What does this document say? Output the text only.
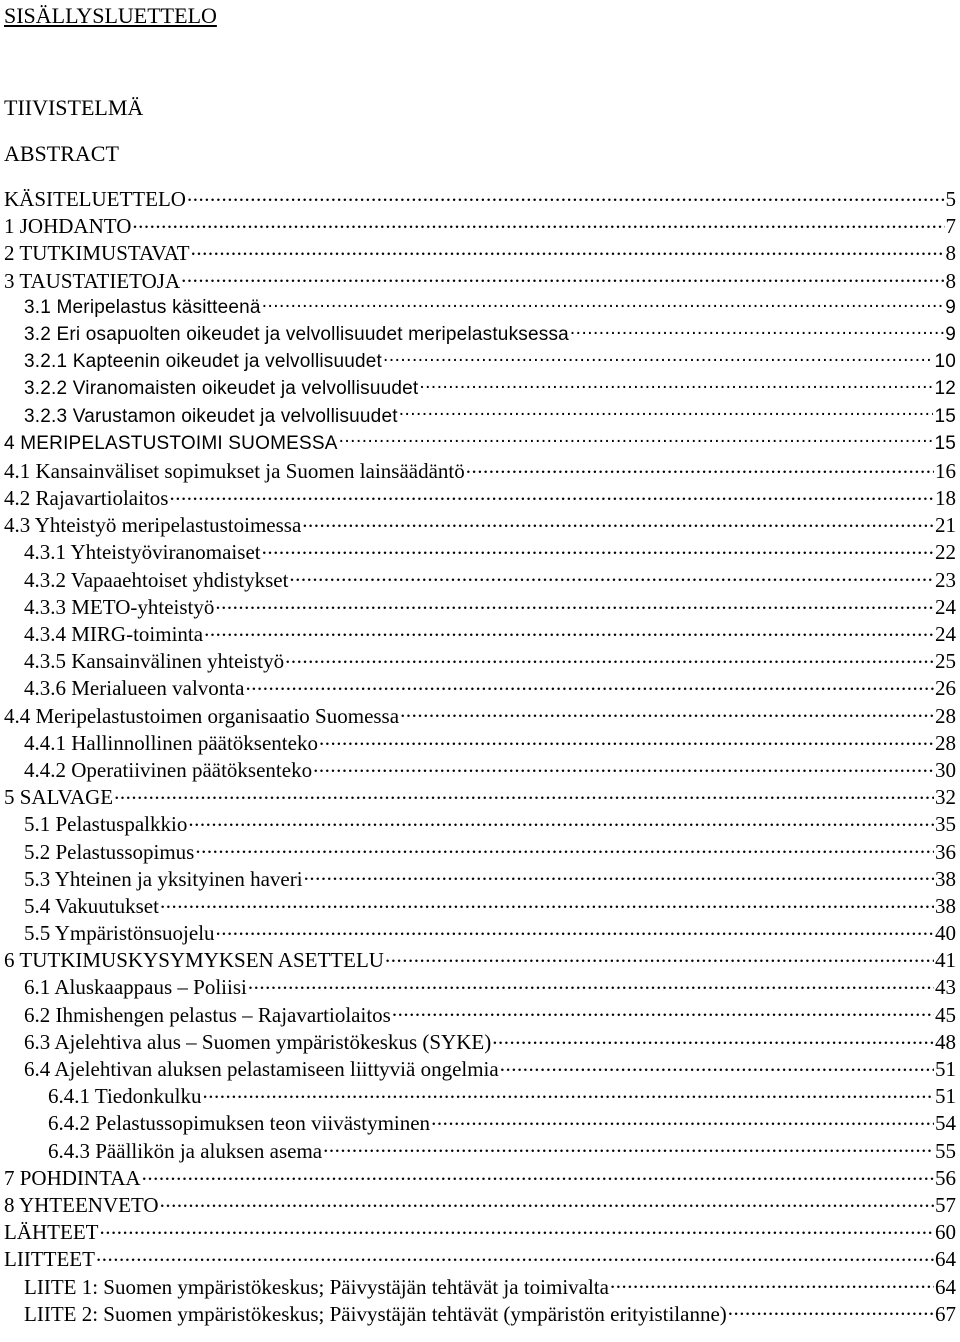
SISÄLLYSLUETTELO
TIIVISTELMÄ
ABSTRACT
KÄSITELUETTELO .....	5
1 JOHDANTO .....	7
2 TUTKIMUSTAVAT .....	8
3 TAUSTATIETOJA .....	8
3.1 Meripelastus käsitteenä .....	9
3.2 Eri osapuolten oikeudet ja velvollisuudet meripelastuksessa .....	9
3.2.1 Kapteenin oikeudet ja velvollisuudet .....	10
3.2.2 Viranomaisten oikeudet ja velvollisuudet .....	12
3.2.3 Varustamon oikeudet ja velvollisuudet .....	15
4 MERIPELASTUSTOIMI SUOMESSA .....	15
4.1 Kansainväliset sopimukset ja Suomen lainsäädäntö .....	16
4.2 Rajavartiolaitos .....	18
4.3 Yhteistyö meripelastustoimessa .....	21
4.3.1 Yhteistyöviranomaiset .....	22
4.3.2 Vapaaehtoiset yhdistykset .....	23
4.3.3 METO-yhteistyö .....	24
4.3.4 MIRG-toiminta .....	24
4.3.5 Kansainvälinen yhteistyö .....	25
4.3.6 Merialueen valvonta .....	26
4.4 Meripelastustoimen organisaatio Suomessa .....	28
4.4.1 Hallinnollinen päätöksenteko .....	28
4.4.2 Operatiivinen päätöksenteko .....	30
5 SALVAGE .....	32
5.1 Pelastuspalkkio .....	35
5.2 Pelastussopimus .....	36
5.3 Yhteinen ja yksityinen haveri .....	38
5.4 Vakuutukset .....	38
5.5 Ympäristönsuojelu .....	40
6 TUTKIMUSKYSYMYKSEN ASETTELU .....	41
6.1 Aluskaappaus – Poliisi .....	43
6.2 Ihmishengen pelastus – Rajavartiolaitos .....	45
6.3 Ajelehtiva alus – Suomen ympäristökeskus (SYKE) .....	48
6.4 Ajelehtivan aluksen pelastamiseen liittyviä ongelmia .....	51
6.4.1 Tiedonkulku .....	51
6.4.2 Pelastussopimuksen teon viivästyminen .....	54
6.4.3 Päällikön ja aluksen asema .....	55
7 POHDINTAA .....	56
8 YHTEENVETO .....	57
LÄHTEET .....	60
LIITTEET .....	64
LIITE 1: Suomen ympäristökeskus; Päivystäjän tehtävät ja toimivalta .....	64
LIITE 2: Suomen ympäristökeskus; Päivystäjän tehtävät (ympäristön erityistilanne) .....	67
